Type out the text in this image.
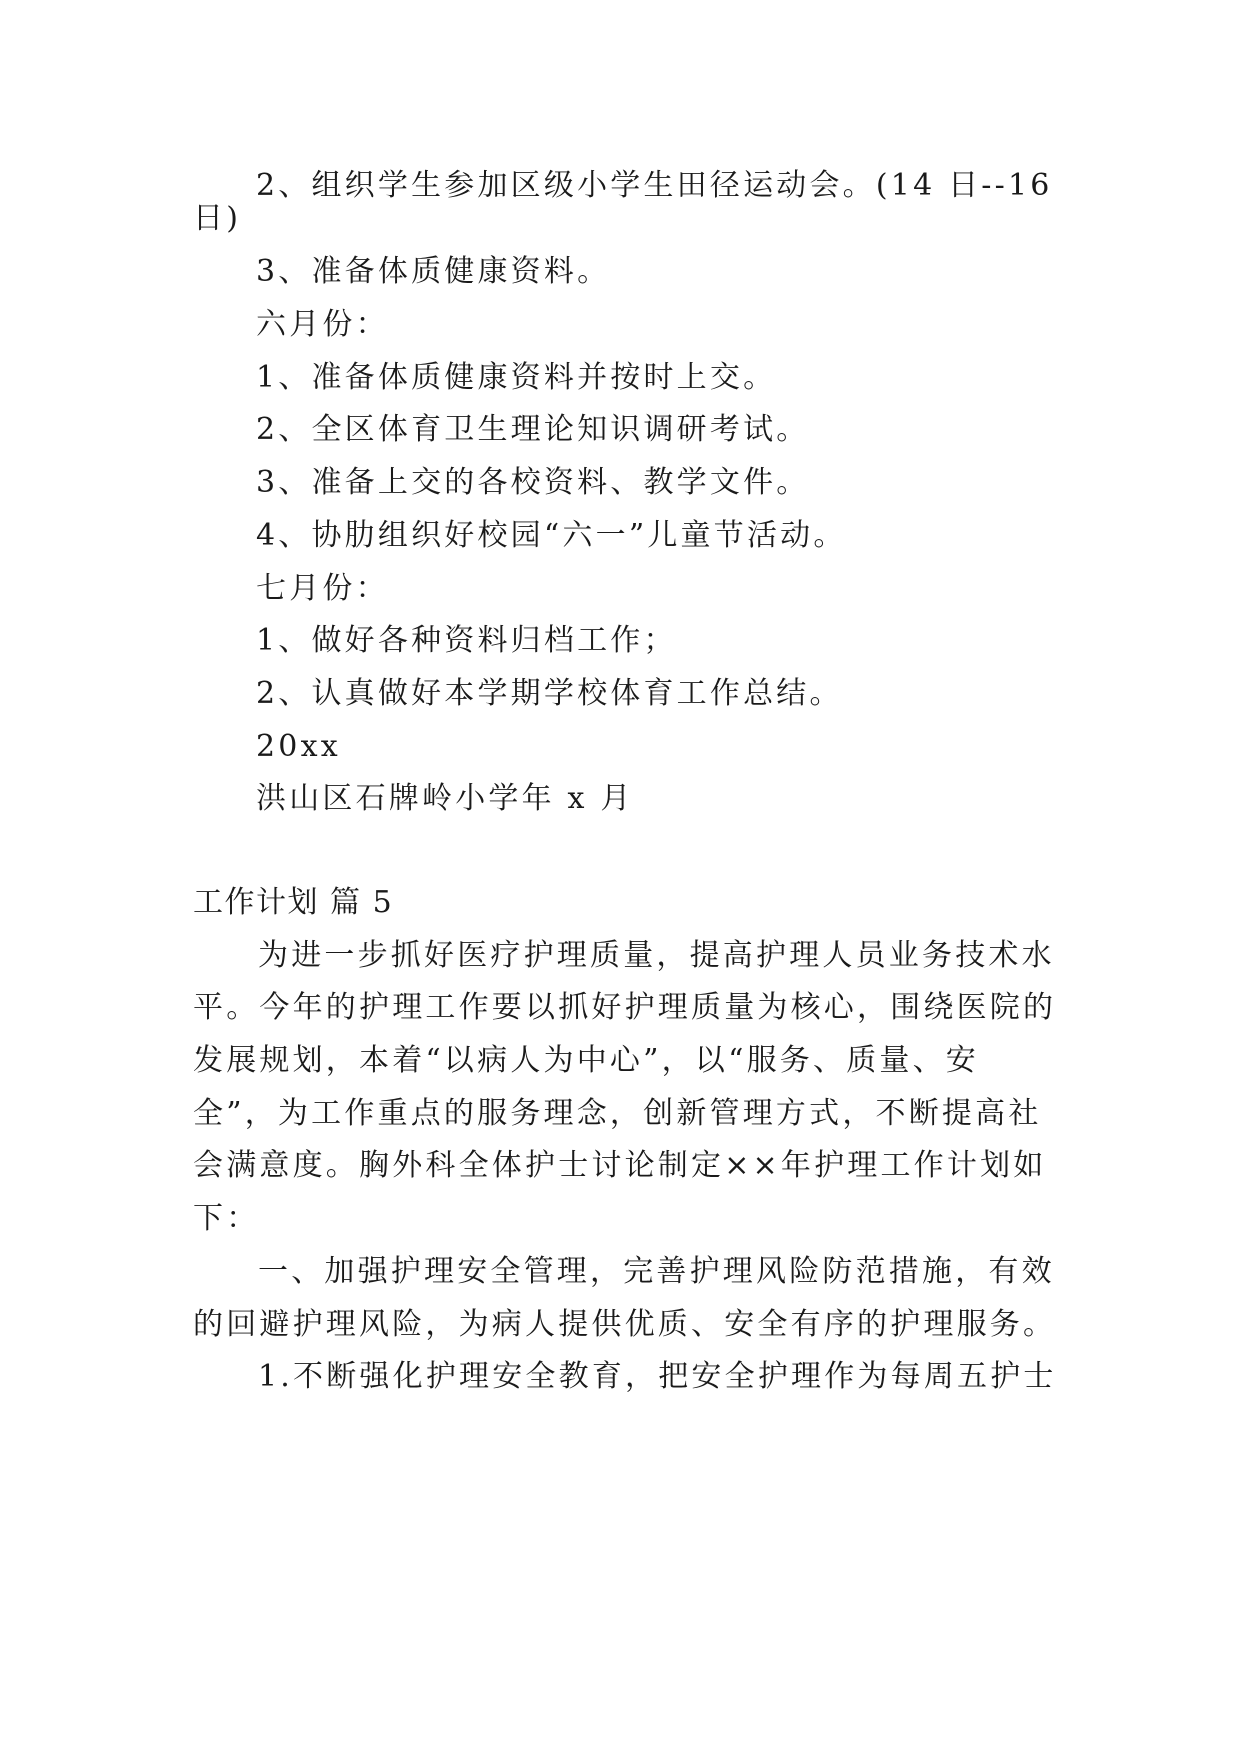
2、组织学生参加区级小学生田径运动会。(14 日--16

日)

3、准备体质健康资料。

六月份：

1、准备体质健康资料并按时上交。

2、全区体育卫生理论知识调研考试。

3、准备上交的各校资料、教学文件。

4、协肋组织好校园“六一”儿童节活动。

七月份：

1、做好各种资料归档工作；

2、认真做好本学期学校体育工作总结。

20xx

洪山区石牌岭小学年 x 月

工作计划 篇 5

为进一步抓好医疗护理质量，提高护理人员业务技术水

平。今年的护理工作要以抓好护理质量为核心，围绕医院的

发展规划，本着“以病人为中心”，以“服务、质量、安

全”，为工作重点的服务理念，创新管理方式，不断提高社

会满意度。胸外科全体护士讨论制定××年护理工作计划如

下：

一、加强护理安全管理，完善护理风险防范措施，有效

的回避护理风险，为病人提供优质、安全有序的护理服务。

1.不断强化护理安全教育，把安全护理作为每周五护士
